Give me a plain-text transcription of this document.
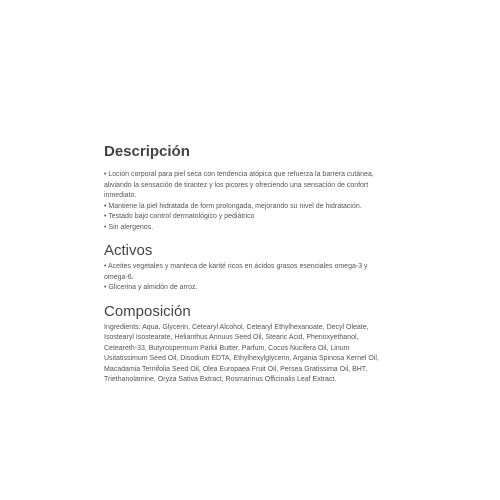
Descripción
• Loción corporal para piel seca con tendencia atópica que refuerza la barrera cutánea,
aliviando la sensación de tirantez y los picores y ofreciendo una sensación de confort
inmediato.
• Mantiene la piel hidratada de form prolongada, mejorando su nivel de hidratación.
• Testado bajo control dermatológico y pediátrico
• Sin alergenos.
Activos
• Aceites vegetales y manteca de karité ricos en ácidos grasos esenciales omega-3 y
omega-6.
• Glicerina y almidón de arroz.
Composición
Ingredients: Aqua, Glycerin, Cetearyl Alcohol, Cetearyl Ethylhexanoate, Decyl Oleate,
Isostearyl Isostearate, Helianthus Annuus Seed Oil, Stearic Acid, Phenoxyethanol,
Ceteareth-33, Butyrospermum Parkii Butter, Parfum, Cocos Nucifera Oil, Linum
Usitatissimum Seed Oil, Disodium EDTA, Ethylhexylglycerin, Argania Spinosa Kernel Oil,
Macadamia Ternifolia Seed Oil, Olea Europaea Fruit Oil, Persea Gratissima Oil, BHT,
Triethanolamine, Oryza Sativa Extract, Rosmarinus Officinalis Leaf Extract.
